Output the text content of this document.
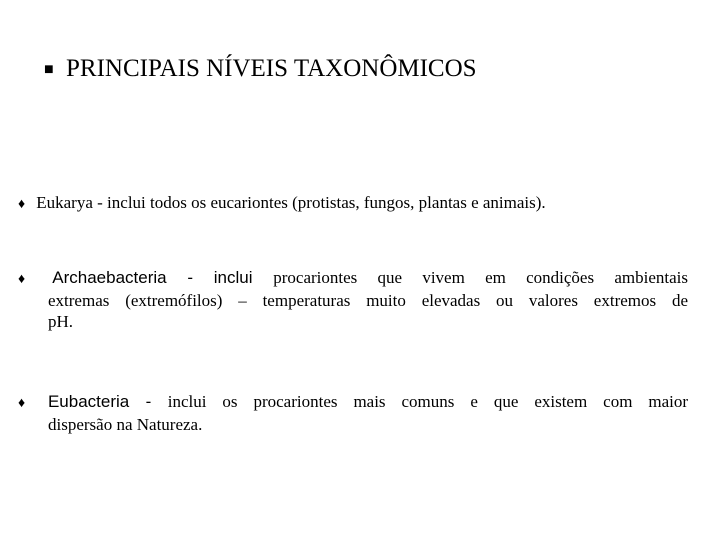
■ PRINCIPAIS NÍVEIS TAXONÔMICOS
♦ Eukarya - inclui todos os eucariontes (protistas, fungos, plantas e animais).
♦ Archaebacteria - inclui procariontes que vivem em condições ambientais
extremas (extremófilos) – temperaturas muito elevadas ou valores extremos de
pH.
♦ Eubacteria - inclui os procariontes mais comuns e que existem com maior
dispersão na Natureza.
